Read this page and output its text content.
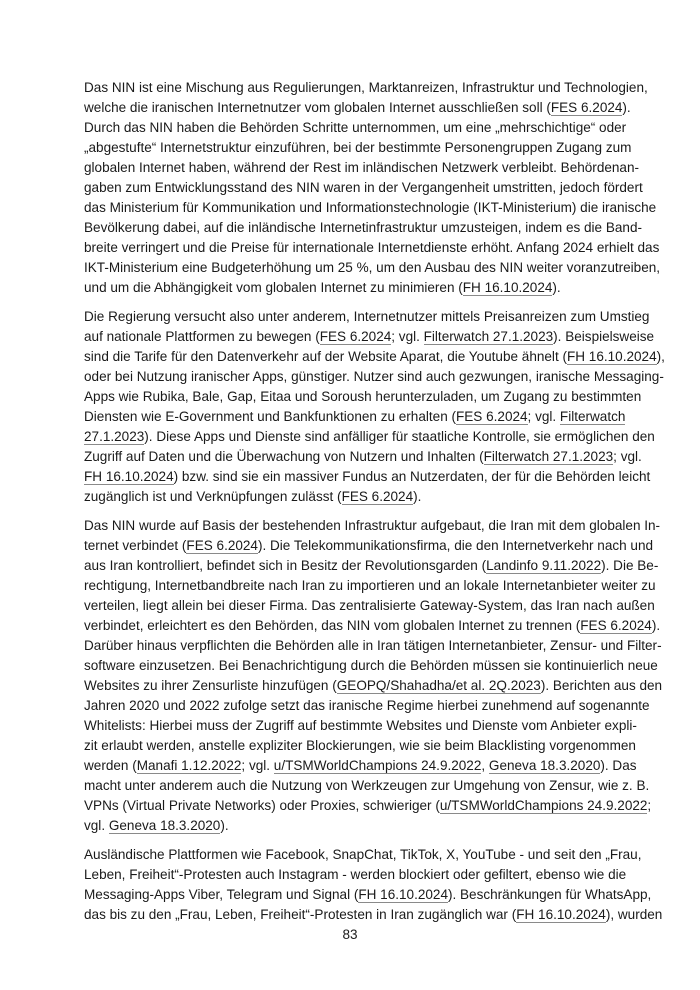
Das NIN ist eine Mischung aus Regulierungen, Marktanreizen, Infrastruktur und Technologien,
welche die iranischen Internetnutzer vom globalen Internet ausschließen soll (FES 6.2024).
Durch das NIN haben die Behörden Schritte unternommen, um eine „mehrschichtige“ oder
„abgestufte“ Internetstruktur einzuführen, bei der bestimmte Personengruppen Zugang zum
globalen Internet haben, während der Rest im inländischen Netzwerk verbleibt. Behördenan-
gaben zum Entwicklungsstand des NIN waren in der Vergangenheit umstritten, jedoch fördert
das Ministerium für Kommunikation und Informationstechnologie (IKT-Ministerium) die iranische
Bevölkerung dabei, auf die inländische Internetinfrastruktur umzusteigen, indem es die Band-
breite verringert und die Preise für internationale Internetdienste erhöht. Anfang 2024 erhielt das
IKT-Ministerium eine Budgeterhöhung um 25 %, um den Ausbau des NIN weiter voranzutreiben,
und um die Abhängigkeit vom globalen Internet zu minimieren (FH 16.10.2024).
Die Regierung versucht also unter anderem, Internetnutzer mittels Preisanreizen zum Umstieg
auf nationale Plattformen zu bewegen (FES 6.2024; vgl. Filterwatch 27.1.2023). Beispielsweise
sind die Tarife für den Datenverkehr auf der Website Aparat, die Youtube ähnelt (FH 16.10.2024),
oder bei Nutzung iranischer Apps, günstiger. Nutzer sind auch gezwungen, iranische Messaging-
Apps wie Rubika, Bale, Gap, Eitaa und Soroush herunterzuladen, um Zugang zu bestimmten
Diensten wie E-Government und Bankfunktionen zu erhalten (FES 6.2024; vgl. Filterwatch
27.1.2023). Diese Apps und Dienste sind anfälliger für staatliche Kontrolle, sie ermöglichen den
Zugriff auf Daten und die Überwachung von Nutzern und Inhalten (Filterwatch 27.1.2023; vgl.
FH 16.10.2024) bzw. sind sie ein massiver Fundus an Nutzerdaten, der für die Behörden leicht
zugänglich ist und Verknüpfungen zulässt (FES 6.2024).
Das NIN wurde auf Basis der bestehenden Infrastruktur aufgebaut, die Iran mit dem globalen In-
ternet verbindet (FES 6.2024). Die Telekommunikationsfirma, die den Internetverkehr nach und
aus Iran kontrolliert, befindet sich in Besitz der Revolutionsgarden (Landinfo 9.11.2022). Die Be-
rechtigung, Internetbandbreite nach Iran zu importieren und an lokale Internetanbieter weiter zu
verteilen, liegt allein bei dieser Firma. Das zentralisierte Gateway-System, das Iran nach außen
verbindet, erleichtert es den Behörden, das NIN vom globalen Internet zu trennen (FES 6.2024).
Darüber hinaus verpflichten die Behörden alle in Iran tätigen Internetanbieter, Zensur- und Filter-
software einzusetzen. Bei Benachrichtigung durch die Behörden müssen sie kontinuierlich neue
Websites zu ihrer Zensurliste hinzufügen (GEOPQ/Shahadha/et al. 2Q.2023). Berichten aus den
Jahren 2020 und 2022 zufolge setzt das iranische Regime hierbei zunehmend auf sogenannte
Whitelists: Hierbei muss der Zugriff auf bestimmte Websites und Dienste vom Anbieter expli-
zit erlaubt werden, anstelle expliziter Blockierungen, wie sie beim Blacklisting vorgenommen
werden (Manafi 1.12.2022; vgl. u/TSMWorldChampions 24.9.2022, Geneva 18.3.2020). Das
macht unter anderem auch die Nutzung von Werkzeugen zur Umgehung von Zensur, wie z. B.
VPNs (Virtual Private Networks) oder Proxies, schwieriger (u/TSMWorldChampions 24.9.2022;
vgl. Geneva 18.3.2020).
Ausländische Plattformen wie Facebook, SnapChat, TikTok, X, YouTube - und seit den „Frau,
Leben, Freiheit“-Protesten auch Instagram - werden blockiert oder gefiltert, ebenso wie die
Messaging-Apps Viber, Telegram und Signal (FH 16.10.2024). Beschränkungen für WhatsApp,
das bis zu den „Frau, Leben, Freiheit“-Protesten in Iran zugänglich war (FH 16.10.2024), wurden
83
